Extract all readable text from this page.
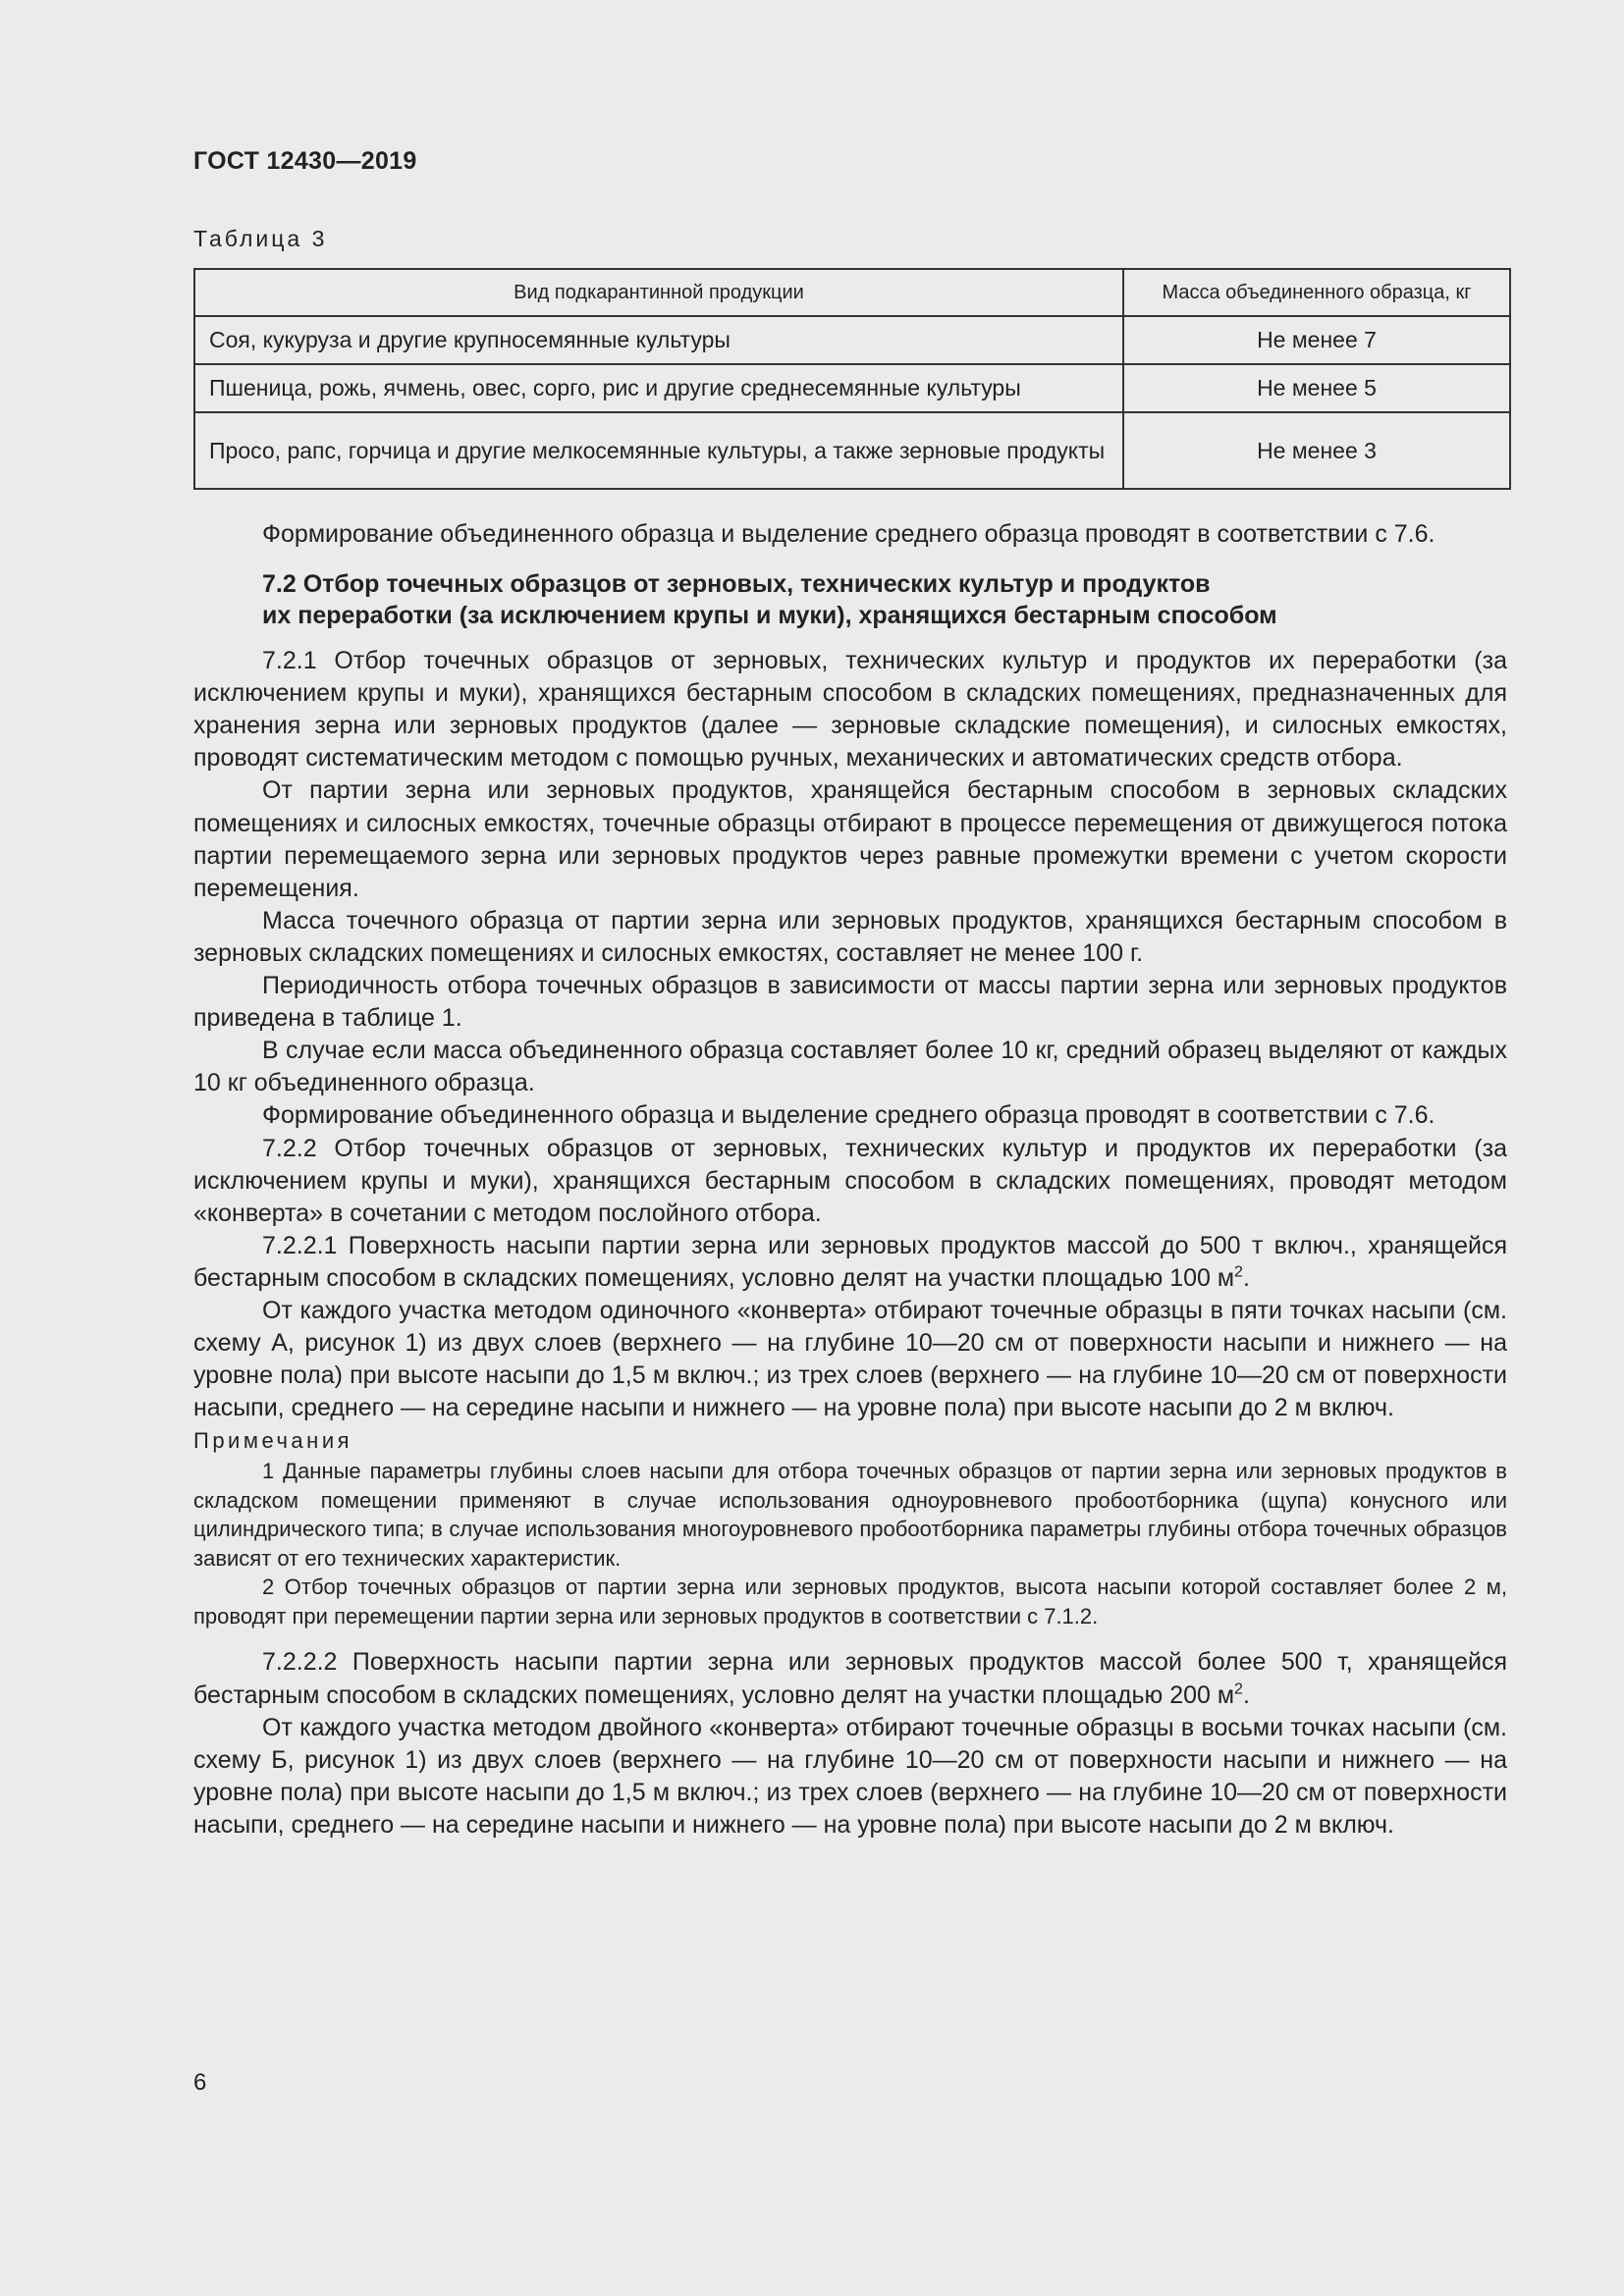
ГОСТ 12430—2019
Таблица 3
Вид подкарантинной продукции	Масса объединенного образца, кг
Соя, кукуруза и другие крупносемянные культуры	Не менее 7
Пшеница, рожь, ячмень, овес, сорго, рис и другие среднесемянные культуры	Не менее 5
Просо, рапс, горчица и другие мелкосемянные культуры, а также зерновые продукты	Не менее 3

Формирование объединенного образца и выделение среднего образца проводят в соответствии с 7.6.

7.2 Отбор точечных образцов от зерновых, технических культур и продуктов
их переработки (за исключением крупы и муки), хранящихся бестарным способом

7.2.1 Отбор точечных образцов от зерновых, технических культур и продуктов их переработки (за исключением крупы и муки), хранящихся бестарным способом в складских помещениях, предназначенных для хранения зерна или зерновых продуктов (далее — зерновые складские помещения), и силосных емкостях, проводят систематическим методом с помощью ручных, механических и автоматических средств отбора.

От партии зерна или зерновых продуктов, хранящейся бестарным способом в зерновых складских помещениях и силосных емкостях, точечные образцы отбирают в процессе перемещения от движущегося потока партии перемещаемого зерна или зерновых продуктов через равные промежутки времени с учетом скорости перемещения.

Масса точечного образца от партии зерна или зерновых продуктов, хранящихся бестарным способом в зерновых складских помещениях и силосных емкостях, составляет не менее 100 г.

Периодичность отбора точечных образцов в зависимости от массы партии зерна или зерновых продуктов приведена в таблице 1.

В случае если масса объединенного образца составляет более 10 кг, средний образец выделяют от каждых 10 кг объединенного образца.

Формирование объединенного образца и выделение среднего образца проводят в соответствии с 7.6.

7.2.2 Отбор точечных образцов от зерновых, технических культур и продуктов их переработки (за исключением крупы и муки), хранящихся бестарным способом в складских помещениях, проводят методом «конверта» в сочетании с методом послойного отбора.

7.2.2.1 Поверхность насыпи партии зерна или зерновых продуктов массой до 500 т включ., хранящейся бестарным способом в складских помещениях, условно делят на участки площадью 100 $м^2$.

От каждого участка методом одиночного «конверта» отбирают точечные образцы в пяти точках насыпи (см. схему А, рисунок 1) из двух слоев (верхнего — на глубине 10—20 см от поверхности насыпи и нижнего — на уровне пола) при высоте насыпи до 1,5 м включ.; из трех слоев (верхнего — на глубине 10—20 см от поверхности насыпи, среднего — на середине насыпи и нижнего — на уровне пола) при высоте насыпи до 2 м включ.

Примечания

1 Данные параметры глубины слоев насыпи для отбора точечных образцов от партии зерна или зерновых продуктов в складском помещении применяют в случае использования одноуровневого пробоотборника (щупа) конусного или цилиндрического типа; в случае использования многоуровневого пробоотборника параметры глубины отбора точечных образцов зависят от его технических характеристик.

2 Отбор точечных образцов от партии зерна или зерновых продуктов, высота насыпи которой составляет более 2 м, проводят при перемещении партии зерна или зерновых продуктов в соответствии с 7.1.2.

7.2.2.2 Поверхность насыпи партии зерна или зерновых продуктов массой более 500 т, хранящейся бестарным способом в складских помещениях, условно делят на участки площадью 200 $м^2$.

От каждого участка методом двойного «конверта» отбирают точечные образцы в восьми точках насыпи (см. схему Б, рисунок 1) из двух слоев (верхнего — на глубине 10—20 см от поверхности насыпи и нижнего — на уровне пола) при высоте насыпи до 1,5 м включ.; из трех слоев (верхнего — на глубине 10—20 см от поверхности насыпи, среднего — на середине насыпи и нижнего — на уровне пола) при высоте насыпи до 2 м включ.

6
